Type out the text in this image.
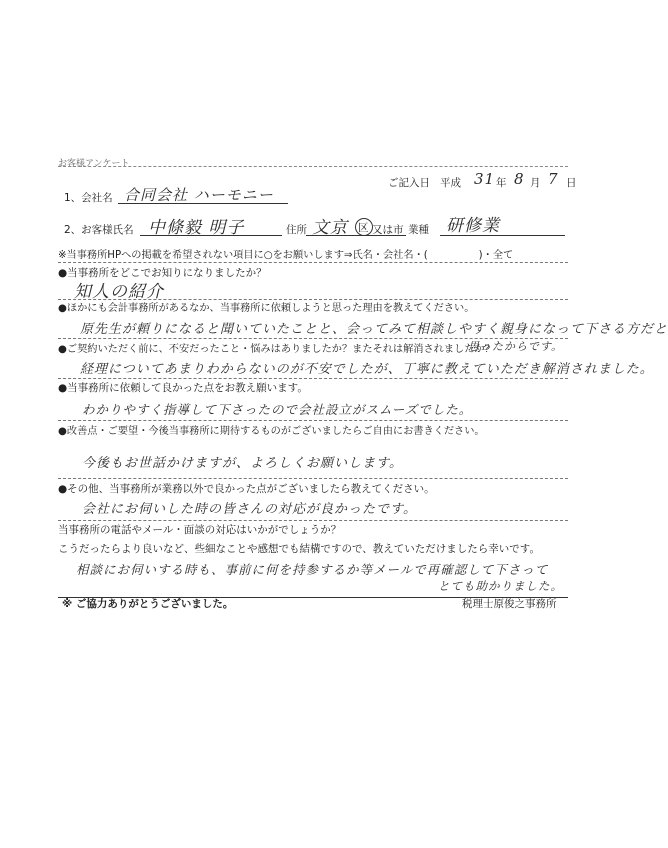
お客様アンケート
ご記入日 平成 31 年 8 月 7 日
1、会社名 合同会社 ハーモニー
2、お客様氏名 中條毅 明子	住所 文京 区 又は市 業種 研修業
※当事務所HPへの掲載を希望されない項目に○をお願いします⇒氏名・会社名・(　　　　　)・全て
●当事務所をどこでお知りになりましたか？
知人の紹介
●ほかにも会計事務所があるなか、当事務所に依頼しようと思った理由を教えてください。
原先生が頼りになると聞いていたことと、会ってみて相談しやすく親身になって下さる方だと
●ご契約いただく前に、不安だったこと・悩みはありましたか？またそれは解消されましたか？
思ったからです。
経理についてあまりわからないのが不安でしたが、丁寧に教えていただき解消されました。
●当事務所に依頼して良かった点をお教え願います。
わかりやすく指導して下さったので会社設立がスムーズでした。
●改善点・ご要望・今後当事務所に期待するものがございましたらご自由にお書きください。
今後もお世話かけますが、よろしくお願いします。
●その他、当事務所が業務以外で良かった点がございましたら教えてください。
会社にお伺いした時の皆さんの対応が良かったです。
当事務所の電話やメール・面談の対応はいかがでしょうか？
こうだったらより良いなど、些細なことや感想でも結構ですので、教えていただけましたら幸いです。
相談にお伺いする時も、事前に何を持参するか等メールで再確認して下さって
とても助かりました。
※ ご協力ありがとうございました。	税理士原俊之事務所
